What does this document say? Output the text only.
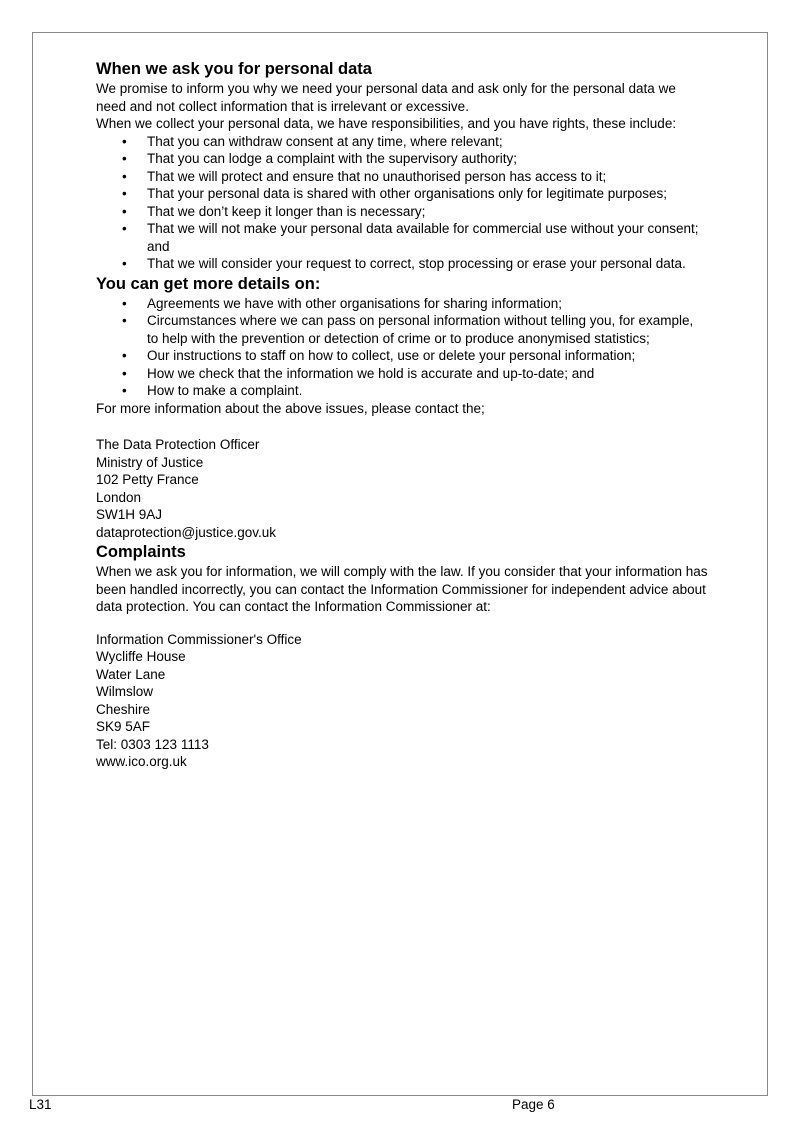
When we ask you for personal data

We promise to inform you why we need your personal data and ask only for the personal data we need and not collect information that is irrelevant or excessive.

When we collect your personal data, we have responsibilities, and you have rights, these include:

• That you can withdraw consent at any time, where relevant;
• That you can lodge a complaint with the supervisory authority;
• That we will protect and ensure that no unauthorised person has access to it;
• That your personal data is shared with other organisations only for legitimate purposes;
• That we don’t keep it longer than is necessary;
• That we will not make your personal data available for commercial use without your consent; and
• That we will consider your request to correct, stop processing or erase your personal data.
You can get more details on:
• Agreements we have with other organisations for sharing information;
• Circumstances where we can pass on personal information without telling you, for example, to help with the prevention or detection of crime or to produce anonymised statistics;
• Our instructions to staff on how to collect, use or delete your personal information;
• How we check that the information we hold is accurate and up-to-date; and
• How to make a complaint.

For more information about the above issues, please contact the;

The Data Protection Officer
Ministry of Justice
102 Petty France
London
SW1H 9AJ

dataprotection@justice.gov.uk

Complaints

When we ask you for information, we will comply with the law. If you consider that your information has been handled incorrectly, you can contact the Information Commissioner for independent advice about data protection. You can contact the Information Commissioner at:

Information Commissioner's Office
Wycliffe House
Water Lane
Wilmslow
Cheshire
SK9 5AF
Tel: 0303 123 1113
www.ico.org.uk
L31	Page 6
